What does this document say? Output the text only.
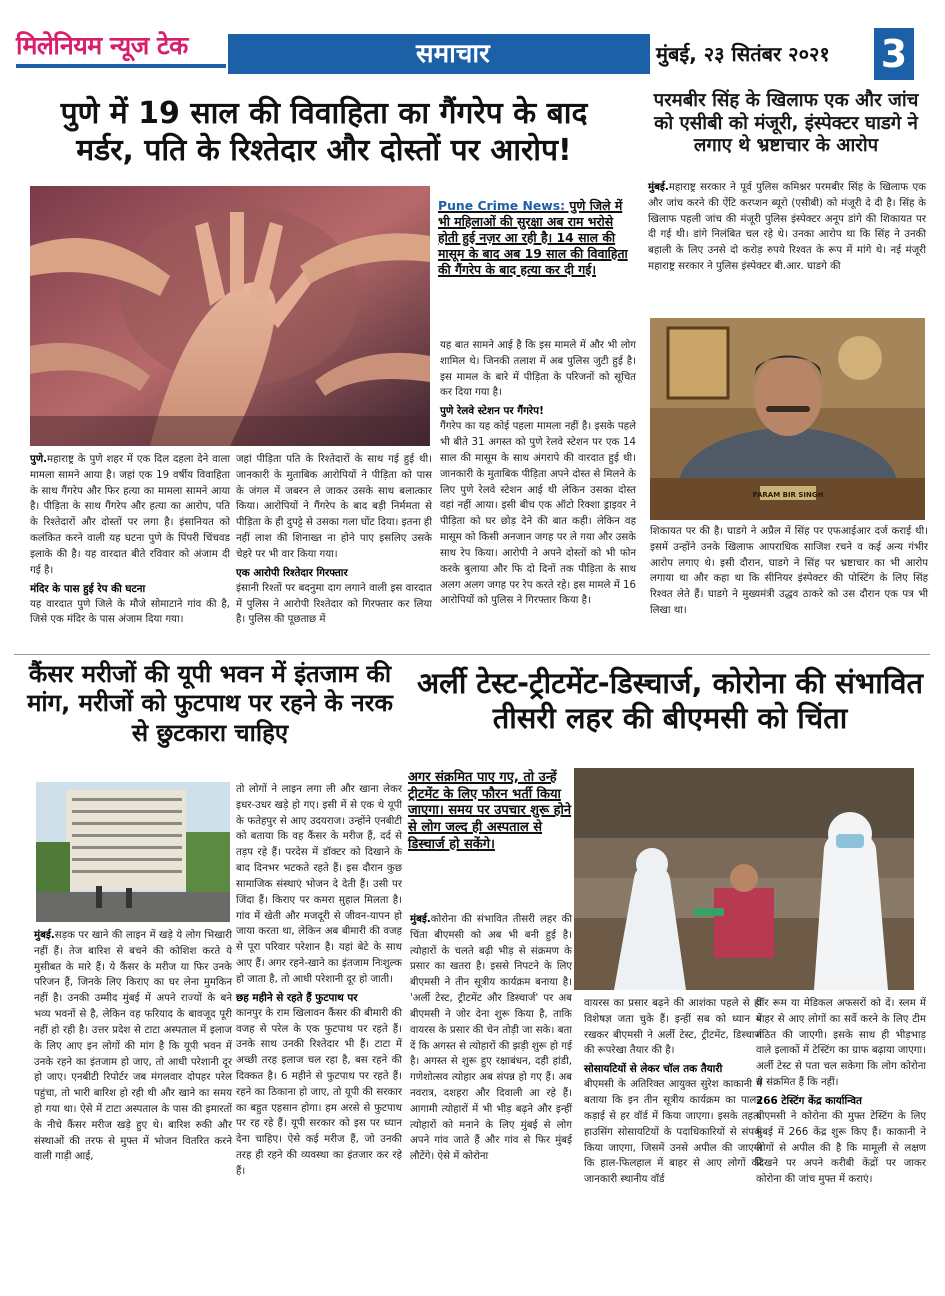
मिलेनियम न्यूज टेक	समाचार	मुंबई, २३ सितंबर २०२१ 3
पुणे में 19 साल की विवाहिता का गैंगरेप के बाद
मर्डर, पति के रिश्तेदार और दोस्तों पर आरोप!
परमबीर सिंह के खिलाफ एक और जांच को एसीबी को मंजूरी, इंस्पेक्टर घाडगे ने लगाए थे भ्रष्टाचार के आरोप
Pune Crime News: पुणे जिले में भी महिलाओं की सुरक्षा अब राम भरोसे होती हुई नज़र आ रही है। 14 साल की मासूम के बाद अब 19 साल की विवाहिता की गैंगरेप के बाद हत्या कर दी गई।
पुणे.महाराष्ट्र के पुणे शहर में एक दिल दहला देने वाला मामला सामने आया है। जहां एक 19 वर्षीय विवाहिता के साथ गैंगरेप और फिर हत्या का मामला सामने आया है। पीड़िता के साथ गैंगरेप और हत्या का आरोप, पति के रिश्तेदारों और दोस्तों पर लगा है। इंसानियत को कलंकित करने वाली यह घटना पुणे के पिंपरी चिंचवड इलाके की है। यह वारदात बीते रविवार को अंजाम दी गई है।
मंदिर के पास हुई रेप की घटना
यह वारदात पुणे जिले के मौजे सोमाटाने गांव की है, जिसे एक मंदिर के पास अंजाम दिया गया।
जहां पीड़िता पति के रिश्तेदारों के साथ गई हुई थी। जानकारी के मुताबिक आरोपियों ने पीड़िता को पास के जंगल में जबरन ले जाकर उसके साथ बलात्कार किया। आरोपियों ने गैंगरेप के बाद बड़ी निर्ममता से पीड़िता के ही दुपट्टे से उसका गला घोंट दिया। इतना ही नहीं लाश की शिनाख्त ना होने पाए इसलिए उसके चेहरे पर भी वार किया गया।
एक आरोपी रिश्तेदार गिरफ्तार
इंसानी रिश्तों पर बदनुमा दाग लगाने वाली इस वारदात में पुलिस ने आरोपी रिश्तेदार को गिरफ्तार कर लिया है। पुलिस की पूछताछ में
यह बात सामने आई है कि इस मामले में और भी लोग शामिल थे। जिनकी तलाश में अब पुलिस जुटी हुई है। इस मामल के बारे में पीड़िता के परिजनों को सूचित कर दिया गया है।
पुणे रेलवे स्टेशन पर गैंगरेप!
गैंगरेप का यह कोई पहला मामला नहीं है। इसके पहले भी बीते 31 अगस्त को पुणे रेलवे स्टेशन पर एक 14 साल की मासूम के साथ अंगरापे की वारदात हुई थी। जानकारी के मुताबिक पीड़िता अपने दोस्त से मिलने के लिए पुणे रेलवे स्टेशन आई थी लेकिन उसका दोस्त वहां नहीं आया। इसी बीच एक ऑटो रिक्शा ड्राइवर ने पीड़िता को घर छोड़ देने की बात कही। लेकिन वह मासूम को किसी अनजान जगह पर ले गया और उसके साथ रेप किया। आरोपी ने अपने दोस्तों को भी फोन करके बुलाया और फि दो दिनों तक पीड़िता के साथ अलग अलग जगह पर रेप करते रहे। इस मामले में 16 आरोपियों को पुलिस ने गिरफ्तार किया है।
मुंबई.महाराष्ट्र सरकार ने पूर्व पुलिस कमिश्नर परमबीर सिंह के खिलाफ एक और जांच करने की ऐंटि करप्शन ब्यूरो (एसीबी) को मंजूरी दे दी है। सिंह के खिलाफ पहली जांच की मंजूरी पुलिस इंस्पेक्टर अनूप डांगे की शिकायत पर दी गई थी। डांगे निलंबित चल रहे थे। उनका आरोप था कि सिंह ने उनकी बहाली के लिए उनसे दो करोड़ रुपये रिश्वत के रूप में मांगे थे। नई मंजूरी महाराष्ट्र सरकार ने पुलिस इंस्पेक्टर बी.आर. घाडगे की
PARAM BIR SINGH
शिकायत पर की है। घाडगे ने अप्रैल में सिंह पर एफआईआर दर्ज कराई थी। इसमें उन्होंने उनके खिलाफ आपराधिक साजिश रचने व कई अन्य गंभीर आरोप लगाए थे। इसी दौरान, घाडगे ने सिंह पर भ्रष्टाचार का भी आरोप लगाया था और कहा था कि सीनियर इंस्पेक्टर की पोस्टिंग के लिए सिंह रिश्वत लेते हैं। घाडगे ने मुख्यमंत्री उद्धव ठाकरे को उस दौरान एक पत्र भी लिखा था।
कैंसर मरीजों की यूपी भवन में इंतजाम की मांग, मरीजों को फुटपाथ पर रहने के नरक से छुटकारा चाहिए
मुंबई.सड़क पर खाने की लाइन में खड़े ये लोग भिखारी नहीं हैं। तेज बारिश से बचने की कोशिश करते ये मुसीबत के मारे हैं। ये कैंसर के मरीज या फिर उनके परिजन हैं, जिनके लिए किराए का घर लेना मुमकिन नहीं है। उनकी उम्मीद मुंबई में अपने राज्यों के बने भव्य भवनों से है, लेकिन वह फरियाद के बावजूद पूरी नहीं हो रही है। उत्तर प्रदेश से टाटा अस्पताल में इलाज के लिए आए इन लोगों की मांग है कि यूपी भवन में उनके रहने का इंतजाम हो जाए, तो आधी परेशानी दूर हो जाए। एनबीटी रिपोर्टर जब मंगलवार दोपहर परेल पहुंचा, तो भारी बारिश हो रही थी और खाने का समय हो गया था। ऐसे में टाटा अस्पताल के पास की इमारतों के नीचे कैंसर मरीज खड़े हुए थे। बारिश रुकी और संस्थाओं की तरफ से मुफ्त में भोजन वितरित करने वाली गाड़ी आई,
तो लोगों ने लाइन लगा ली और खाना लेकर इधर-उधर खड़े हो गए। इसी में से एक थे यूपी के फतेहपुर से आए उदयराज। उन्होंने एनबीटी को बताया कि वह कैंसर के मरीज हैं, दर्द से तड़प रहे हैं। परदेस में डॉक्टर को दिखाने के बाद दिनभर भटकते रहते हैं। इस दौरान कुछ सामाजिक संस्थाएं भोजन दे देती हैं। उसी पर जिंदा हैं। किराए पर कमरा म़ुहाल मिलता है। गांव में खेती और मजदूरी से जीवन-यापन हो जाया करता था, लेकिन अब बीमारी की वजह से पूरा परिवार परेशान है। यहां बेटे के साथ आए हैं। अगर रहने-खाने का इंतजाम निःशुल्क हो जाता है, तो आधी परेशानी दूर हो जाती।
छह महीने से रहते हैं फुटपाथ पर
कानपुर के राम खिलावन कैंसर की बीमारी की वजह से परेल के एक फुटपाथ पर रहते हैं। उनके साथ उनकी रिश्तेदार भी हैं। टाटा में अच्छी तरह इलाज चल रहा है, बस रहने की दिक्कत है। 6 महीने से फुटपाथ पर रहते हैं। रहने का ठिकाना हो जाए, तो यूपी की सरकार का बहुत एहसान होगा। हम अरसे से फुटपाथ पर रह रहे हैं। यूपी सरकार को इस पर ध्यान देना चाहिए। ऐसे कई मरीज हैं, जो उनकी तरह ही रहने की व्यवस्था का इंतजार कर रहे हैं।
अर्ली टेस्ट-ट्रीटमेंट-डिस्चार्ज, कोरोना की संभावित तीसरी लहर की बीएमसी को चिंता
अगर संक्रमित पाए गए, तो उन्हें ट्रीटमेंट के लिए फौरन भर्ती किया जाएगा। समय पर उपचार शुरू होने से लोग जल्द ही अस्पताल से डिस्चार्ज हो सकेंगे।
मुंबई.कोरोना की संभावित तीसरी लहर की चिंता बीएमसी को अब भी बनी हुई है। त्योहारों के चलते बढ़ी भीड़ से संक्रमण के प्रसार का खतरा है। इससे निपटने के लिए बीएमसी ने तीन सूत्रीय कार्यक्रम बनाया है। 'अर्ली टेस्ट, ट्रीटमेंट और डिस्चार्ज' पर अब बीएमसी ने जोर देना शुरू किया है, ताकि वायरस के प्रसार की चेन तोड़ी जा सके। बता दें कि अगस्त से त्योहारों की झड़ी शुरू हो गई है। अगस्त से शुरू हुए रक्षाबंधन, दही हांडी, गणेशोत्सव त्योहार अब संपन्न हो गए हैं। अब नवरात्र, दशहरा और दिवाली आ रहे हैं। आगामी त्योहारों में भी भीड़ बढ़ने और इन्हीं त्योहारों को मनाने के लिए मुंबई से लोग अपने गांव जाते हैं और गांव से फिर मुंबई लौटेंगे। ऐसे में कोरोना
वायरस का प्रसार बढ़ने की आशंका पहले से ही विशेषज्ञ जता चुके हैं। इन्हीं सब को ध्यान में रखकर बीएमसी ने अर्ली टेस्ट, ट्रीटमेंट, डिस्चार्ज की रूपरेखा तैयार की है।
सोसायटियों से लेकर चॉल तक तैयारी
बीएमसी के अतिरिक्त आयुक्त सुरेश काकानी ने बताया कि इन तीन सूत्रीय कार्यक्रम का पालन कड़ाई से हर वॉर्ड में किया जाएगा। इसके तहत, हाउसिंग सोसायटियों के पदाधिकारियों से संपर्क किया जाएगा, जिसमें उनसे अपील की जाएगी कि हाल-फिलहाल में बाहर से आए लोगों की जानकारी स्थानीय वॉर्ड
वॉर रूम या मेडिकल अफसरों को दें। स्लम में बाहर से आए लोगों का सर्वे करने के लिए टीम गठित की जाएगी। इसके साथ ही भीड़भाड़ वाले इलाकों में टेस्टिंग का ग्राफ बढ़ाया जाएगा। अर्ली टेस्ट से पता चल सकेगा कि लोग कोरोना से संक्रमित हैं कि नहीं।
266 टेस्टिंग केंद्र कार्यान्वित
बीएमसी ने कोरोना की मुफ्त टेस्टिंग के लिए मुंबई में 266 केंद्र शुरू किए हैं। काकानी ने लोगों से अपील की है कि मामूली से लक्षण दिखने पर अपने करीबी केंद्रों पर जाकर कोरोना की जांच मुफ्त में कराएं।
